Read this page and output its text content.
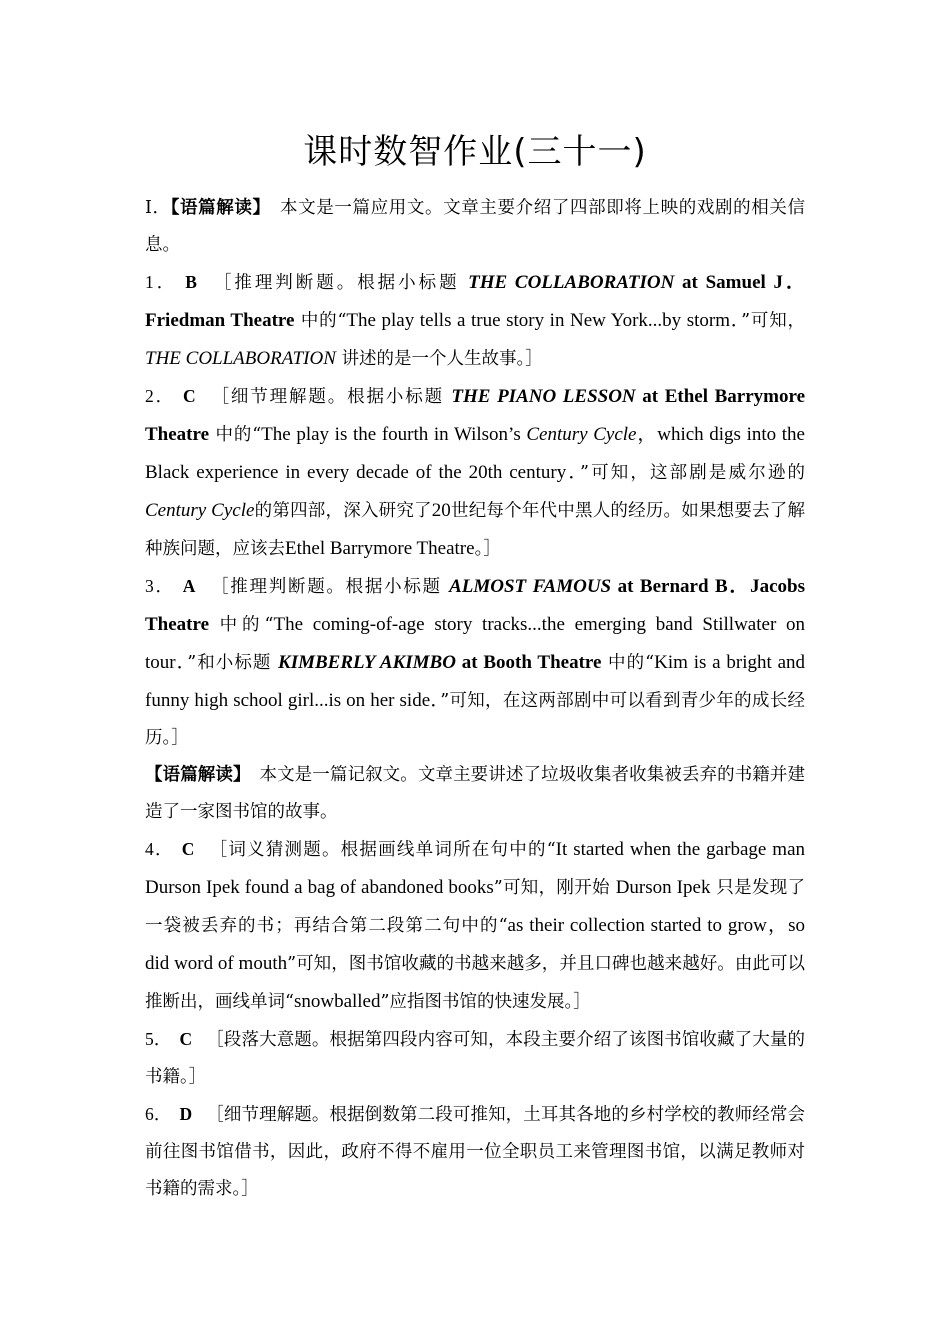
课时数智作业(三十一)

Ⅰ．【语篇解读】　 本文是一篇应用文。文章主要介绍了四部即将上映的戏剧的相关信息。

1． B ［推理判断题。根据小标题 THE COLLABORATION at Samuel J．Friedman Theatre 中的“The play tells a true story in New York...by storm．”可知，THE COLLABORATION 讲述的是一个人生故事。］

2． C ［细节理解题。根据小标题 THE PIANO LESSON at Ethel Barrymore Theatre 中的“The play is the fourth in Wilson’s Century Cycle，which digs into the Black experience in every decade of the 20th century．”可知，这部剧是威尔逊的Century Cycle的第四部，深入研究了20世纪每个年代中黑人的经历。如果想要去了解种族问题，应该去Ethel Barrymore Theatre。］

3． A ［推理判断题。根据小标题 ALMOST FAMOUS at Bernard B．Jacobs Theatre 中的“The coming-of-age story tracks...the emerging band Stillwater on tour．”和小标题 KIMBERLY AKIMBO at Booth Theatre 中的“Kim is a bright and funny high school girl...is on her side．”可知，在这两部剧中可以看到青少年的成长经历。］

【语篇解读】　 本文是一篇记叙文。文章主要讲述了垃圾收集者收集被丢弃的书籍并建造了一家图书馆的故事。

4． C ［词义猜测题。根据画线单词所在句中的“It started when the garbage man Durson Ipek found a bag of abandoned books”可知，刚开始 Durson Ipek 只是发现了一袋被丢弃的书；再结合第二段第二句中的“as their collection started to grow，so did word of mouth”可知，图书馆收藏的书越来越多，并且口碑也越来越好。由此可以推断出，画线单词“snowballed”应指图书馆的快速发展。］

5． C ［段落大意题。根据第四段内容可知，本段主要介绍了该图书馆收藏了大量的书籍。］

6． D ［细节理解题。根据倒数第二段可推知，土耳其各地的乡村学校的教师经常会前往图书馆借书，因此，政府不得不雇用一位全职员工来管理图书馆，以满足教师对书籍的需求。］
